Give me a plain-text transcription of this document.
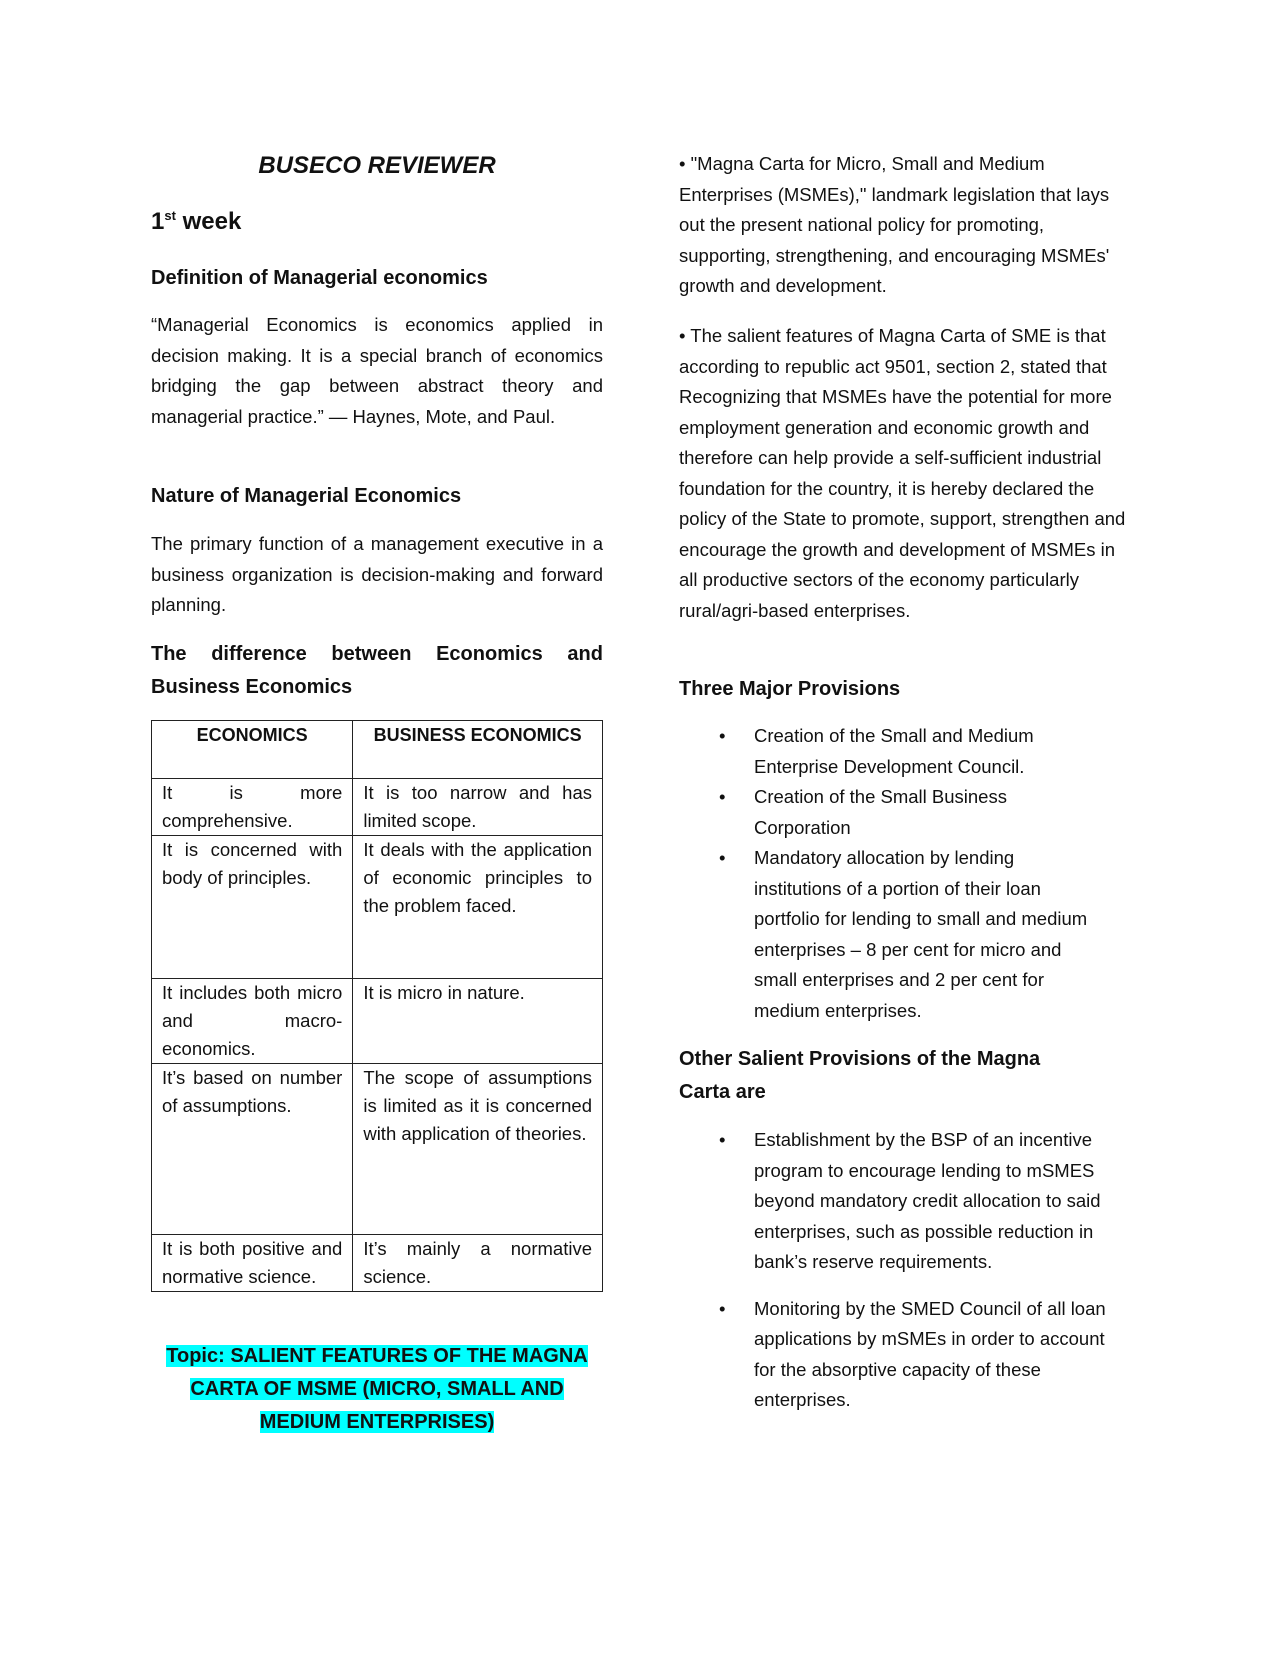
BUSECO REVIEWER
1st week
Definition of Managerial economics
“Managerial Economics is economics applied in decision making. It is a special branch of economics bridging the gap between abstract theory and managerial practice.” — Haynes, Mote, and Paul.
Nature of Managerial Economics
The primary function of a management executive in a business organization is decision-making and forward planning.
The difference between Economics and Business Economics
ECONOMICS	BUSINESS ECONOMICS
It is more comprehensive.	It is too narrow and has limited scope.
It is concerned with body of principles.	It deals with the application of economic principles to the problem faced.
It includes both micro and macro-economics.	It is micro in nature.
It’s based on number of assumptions.	The scope of assumptions is limited as it is concerned with application of theories.
It is both positive and normative science.	It’s mainly a normative science.
Topic: SALIENT FEATURES OF THE MAGNA
CARTA OF MSME (MICRO, SMALL AND
MEDIUM ENTERPRISES)
• "Magna Carta for Micro, Small and Medium Enterprises (MSMEs)," landmark legislation that lays out the present national policy for promoting, supporting, strengthening, and encouraging MSMEs' growth and development.
• The salient features of Magna Carta of SME is that according to republic act 9501, section 2, stated that Recognizing that MSMEs have the potential for more employment generation and economic growth and therefore can help provide a self-sufficient industrial foundation for the country, it is hereby declared the policy of the State to promote, support, strengthen and encourage the growth and development of MSMEs in all productive sectors of the economy particularly rural/agri-based enterprises.
Three Major Provisions
• Creation of the Small and Medium Enterprise Development Council.
• Creation of the Small Business Corporation
• Mandatory allocation by lending institutions of a portion of their loan portfolio for lending to small and medium enterprises – 8 per cent for micro and small enterprises and 2 per cent for medium enterprises.
Other Salient Provisions of the Magna Carta are
• Establishment by the BSP of an incentive program to encourage lending to mSMES beyond mandatory credit allocation to said enterprises, such as possible reduction in bank’s reserve requirements.
• Monitoring by the SMED Council of all loan applications by mSMEs in order to account for the absorptive capacity of these enterprises.
